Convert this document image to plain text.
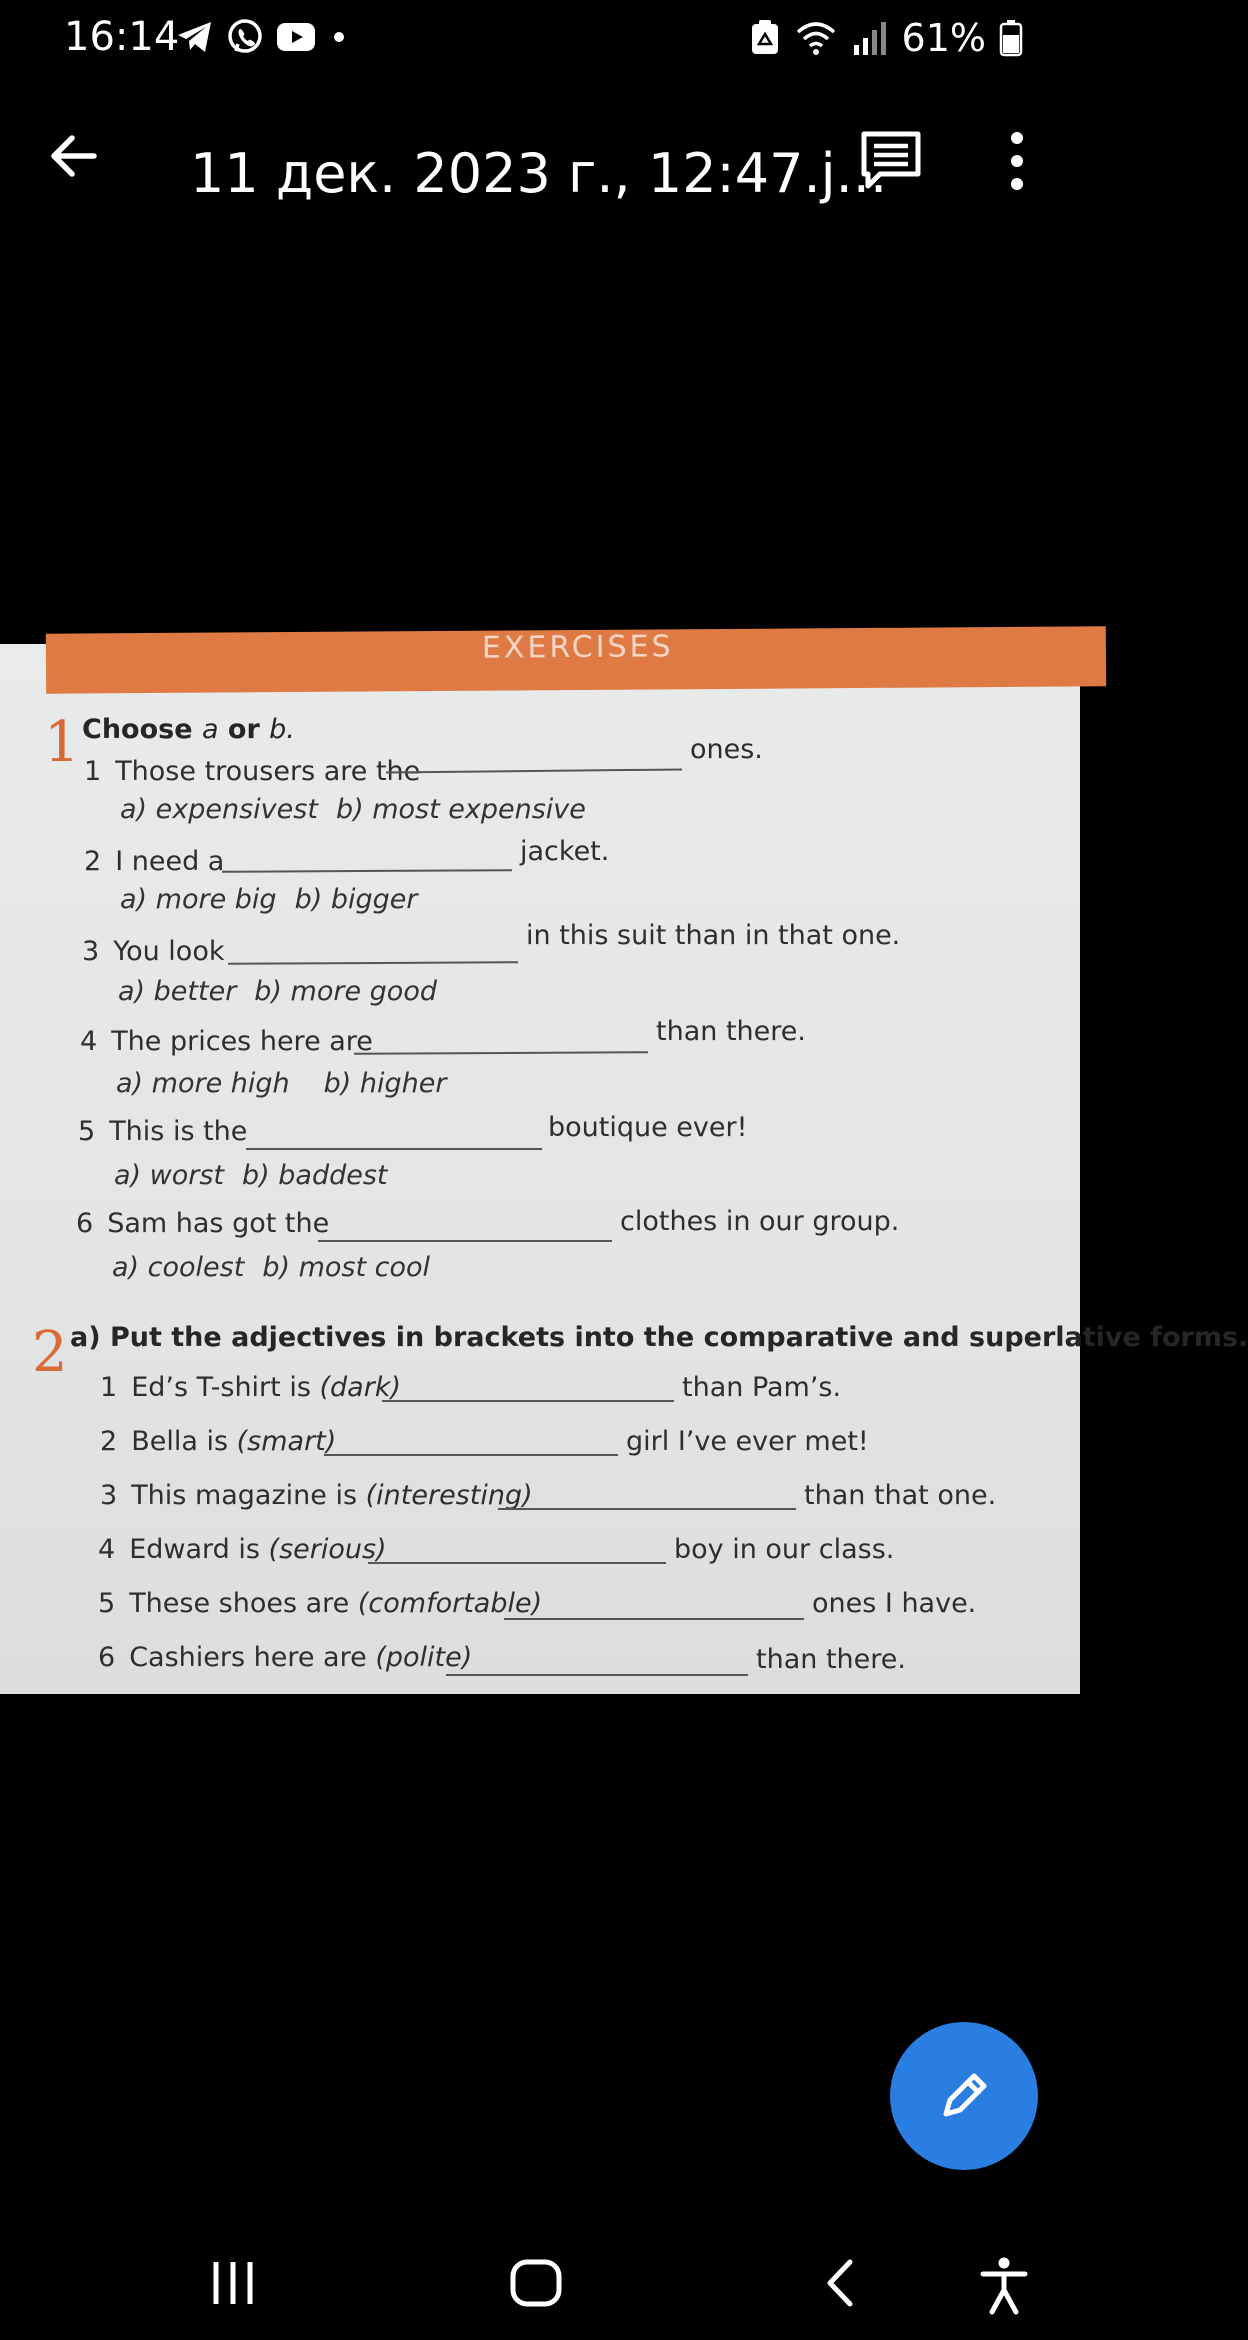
16:14	61%
11 дек. 2023 г., 12:47.j...
EXERCISES
1 Choose a or b.
1 Those trousers are the
ones.
a) expensivest b) most expensive
2 I need a	jacket.
a) more big b) bigger
3 You look
in this suit than in that one.
a) better b) more good
4 The prices here are	than there.
a) more high b) higher
5 This is the	boutique ever!
a) worst b) baddest
6 Sam has got the	clothes in our group.
a) coolest b) most cool
2 a) Put the adjectives in brackets into the comparative and superlative forms.
1 Ed’s T-shirt is (dark)	than Pam’s.
2 Bella is (smart)	girl I’ve ever met!
3 This magazine is (interesting)	than that one.
4 Edward is (serious)	boy in our class.
5 These shoes are (comfortable)	ones I have.
6 Cashiers here are (polite)	than there.
